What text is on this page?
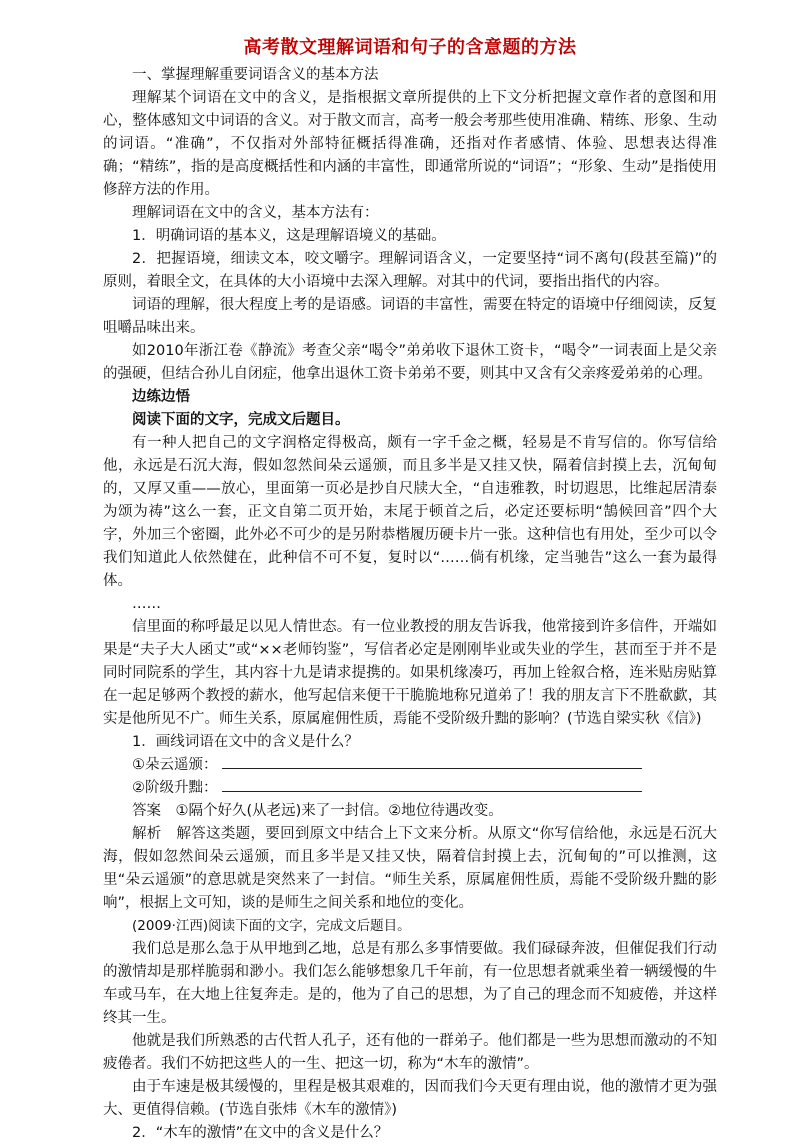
高考散文理解词语和句子的含意题的方法

一、掌握理解重要词语含义的基本方法

理解某个词语在文中的含义，是指根据文章所提供的上下文分析把握文章作者的意图和用心，整体感知文中词语的含义。对于散文而言，高考一般会考那些使用准确、精练、形象、生动的词语。“准确”，不仅指对外部特征概括得准确，还指对作者感情、体验、思想表达得准确；“精练”，指的是高度概括性和内涵的丰富性，即通常所说的“词语”；“形象、生动”是指使用修辞方法的作用。

理解词语在文中的含义，基本方法有：

1．明确词语的基本义，这是理解语境义的基础。

2．把握语境，细读文本，咬文嚼字。理解词语含义，一定要坚持“词不离句(段甚至篇)”的原则，着眼全文，在具体的大小语境中去深入理解。对其中的代词，要指出指代的内容。

词语的理解，很大程度上考的是语感。词语的丰富性，需要在特定的语境中仔细阅读，反复咀嚼品味出来。

如2010年浙江卷《静流》考查父亲“喝令”弟弟收下退休工资卡，“喝令”一词表面上是父亲的强硬，但结合孙儿自闭症，他拿出退休工资卡弟弟不要，则其中又含有父亲疼爱弟弟的心理。

边练边悟

阅读下面的文字，完成文后题目。

有一种人把自己的文字润格定得极高，颇有一字千金之概，轻易是不肯写信的。你写信给他，永远是石沉大海，假如忽然间朵云遥颁，而且多半是又挂又快，隔着信封摸上去，沉甸甸的，又厚又重——放心，里面第一页必是抄自尺牍大全，“自违雅教，时切遐思，比维起居清泰为颂为祷”这么一套，正文自第二页开始，末尾于顿首之后，必定还要标明“鵠候回音”四个大字，外加三个密圈，此外必不可少的是另附恭楷履历硬卡片一张。这种信也有用处，至少可以令我们知道此人依然健在，此种信不可不复，复时以“……倘有机缘，定当驰告”这么一套为最得体。

……

信里面的称呼最足以见人情世态。有一位业教授的朋友告诉我，他常接到许多信件，开端如果是“夫子大人函丈”或“××老师钧鉴”，写信者必定是刚刚毕业或失业的学生，甚而至于并不是同时同院系的学生，其内容十九是请求提携的。如果机缘凑巧，再加上铨叙合格，连米贴房贴算在一起足够两个教授的薪水，他写起信来便干干脆脆地称兄道弟了！我的朋友言下不胜欷歔，其实是他所见不广。师生关系，原属雇佣性质，焉能不受阶级升黜的影响？(节选自梁实秋《信》)

1．画线词语在文中的含义是什么？

①朵云遥颁：

②阶级升黜：

答案　①隔个好久(从老远)来了一封信。②地位待遇改变。

解析　解答这类题，要回到原文中结合上下文来分析。从原文“你写信给他，永远是石沉大海，假如忽然间朵云遥颁，而且多半是又挂又快，隔着信封摸上去，沉甸甸的”可以推测，这里“朵云遥颁”的意思就是突然来了一封信。“师生关系，原属雇佣性质，焉能不受阶级升黜的影响”，根据上文可知，谈的是师生之间关系和地位的变化。

(2009·江西)阅读下面的文字，完成文后题目。

我们总是那么急于从甲地到乙地，总是有那么多事情要做。我们碌碌奔波，但催促我们行动的激情却是那样脆弱和渺小。我们怎么能够想象几千年前，有一位思想者就乘坐着一辆缓慢的牛车或马车，在大地上往复奔走。是的，他为了自己的思想，为了自己的理念而不知疲倦，并这样终其一生。

他就是我们所熟悉的古代哲人孔子，还有他的一群弟子。他们都是一些为思想而激动的不知疲倦者。我们不妨把这些人的一生、把这一切，称为“木车的激情”。

由于车速是极其缓慢的，里程是极其艰难的，因而我们今天更有理由说，他的激情才更为强大、更值得信赖。(节选自张炜《木车的激情》)

2．“木车的激情”在文中的含义是什么？
